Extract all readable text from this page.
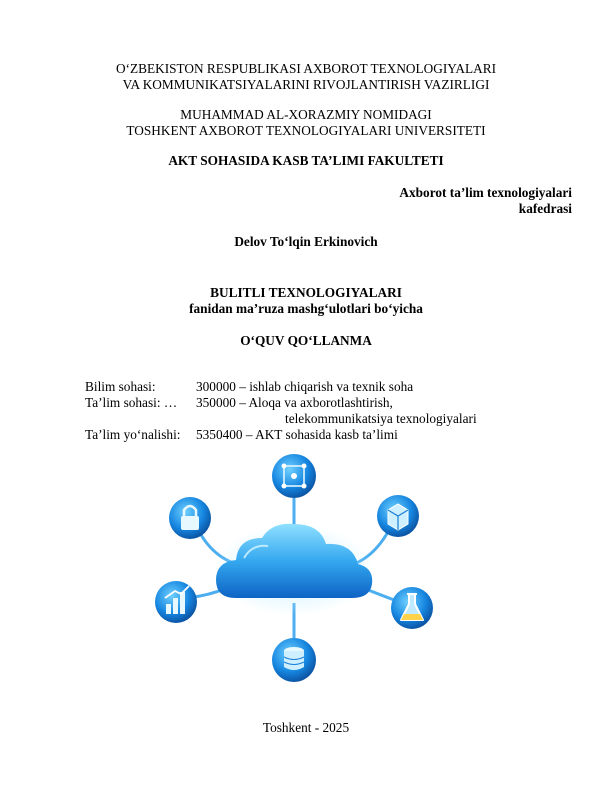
O‘ZBEKISTON RESPUBLIKASI AXBOROT TEXNOLOGIYALARI
VA KOMMUNIKATSIYALARINI RIVOJLANTIRISH VAZIRLIGI
MUHAMMAD AL-XORAZMIY NOMIDAGI
TOSHKENT AXBOROT TEXNOLOGIYALARI UNIVERSITETI
AKT SOHASIDA KASB TA’LIMI FAKULTETI
Axborot ta’lim texnologiyalari
kafedrasi
Delov To‘lqin Erkinovich
BULITLI TEXNOLOGIYALARI
fanidan ma’ruza mashg‘ulotlari bo‘yicha
O‘QUV QO‘LLANMA
Bilim sohasi:	300000 – ishlab chiqarish va texnik soha
Ta’lim sohasi: … 350000 – Aloqa va axborotlashtirish,
telekommunikatsiya texnologiyalari
Ta’lim yo‘nalishi: 5350400 – AKT sohasida kasb ta’limi
Toshkent - 2025
